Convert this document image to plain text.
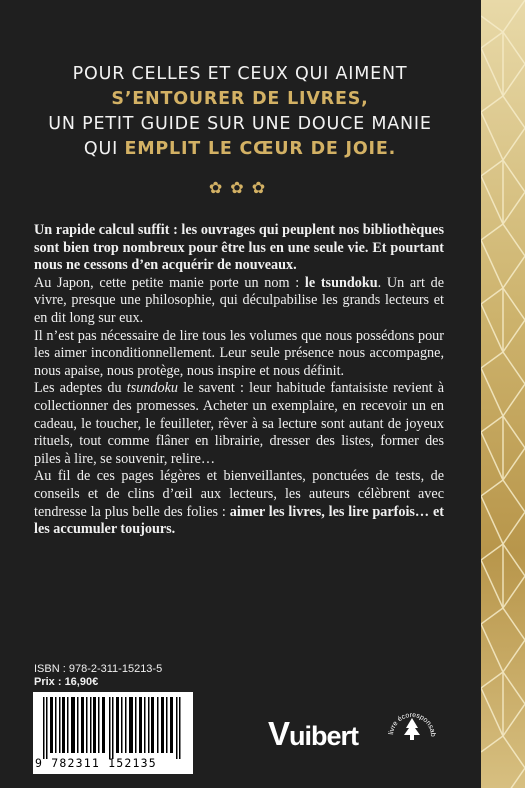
POUR CELLES ET CEUX QUI AIMENT
S’ENTOURER DE LIVRES,
UN PETIT GUIDE SUR UNE DOUCE MANIE
QUI EMPLIT LE CŒUR DE JOIE.
✿✿✿

Un rapide calcul suffit : les ouvrages qui peuplent nos bibliothèques sont bien trop nombreux pour être lus en une seule vie. Et pourtant nous ne cessons d’en acquérir de nouveaux.

Au Japon, cette petite manie porte un nom : le tsundoku. Un art de vivre, presque une philosophie, qui déculpabilise les grands lecteurs et en dit long sur eux.

Il n’est pas nécessaire de lire tous les volumes que nous possédons pour les aimer inconditionnellement. Leur seule présence nous accompagne, nous apaise, nous protège, nous inspire et nous définit.

Les adeptes du tsundoku le savent : leur habitude fantaisiste revient à collectionner des promesses. Acheter un exemplaire, en recevoir un en cadeau, le toucher, le feuilleter, rêver à sa lecture sont autant de joyeux rituels, tout comme flâner en librairie, dresser des listes, former des piles à lire, se souvenir, relire…

Au fil de ces pages légères et bienveillantes, ponctuées de tests, de conseils et de clins d’œil aux lecteurs, les auteurs célèbrent avec tendresse la plus belle des folies : aimer les livres, les lire parfois… et les accumuler toujours.

ISBN : 978-2-311-15213-5
Prix : 16,90€
9 782311 152135
Vuibert	livre écoresponsab
